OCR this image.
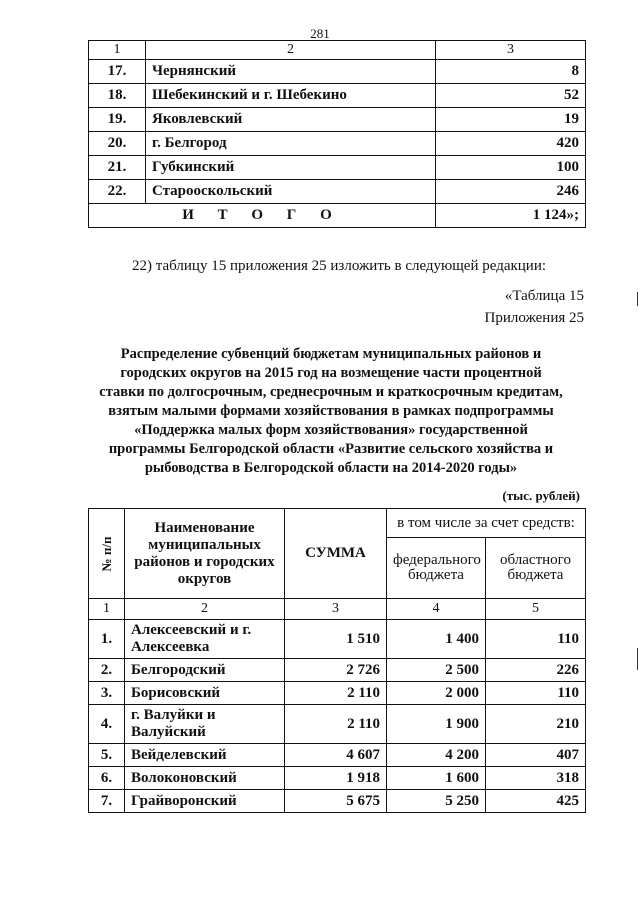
281
1	2	3
17.	Чернянский	8
18.	Шебекинский и г. Шебекино	52
19.	Яковлевский	19
20.	г. Белгород	420
21.	Губкинский	100
22.	Старооскольский	246
И Т О Г О		1 124»;
22) таблицу 15 приложения 25 изложить в следующей редакции:
«Таблица 15
Приложения 25
Распределение субвенций бюджетам муниципальных районов и городских округов на 2015 год на возмещение части процентной ставки по долгосрочным, среднесрочным и краткосрочным кредитам, взятым малыми формами хозяйствования в рамках подпрограммы «Поддержка малых форм хозяйствования» государственной программы Белгородской области «Развитие сельского хозяйства и рыбоводства в Белгородской области на 2014-2020 годы»
(тыс. рублей)
№ п/п	Наименование муниципальных районов и городских округов	СУММА	в том числе за счет средств:	
			федерального бюджета	областного бюджета
1	2	3	4	5
1.	Алексеевский и г. Алексеевка	1 510	1 400	110
2.	Белгородский	2 726	2 500	226
3.	Борисовский	2 110	2 000	110
4.	г. Валуйки и Валуйский	2 110	1 900	210
5.	Вейделевский	4 607	4 200	407
6.	Волоконовский	1 918	1 600	318
7.	Грайворонский	5 675	5 250	425
